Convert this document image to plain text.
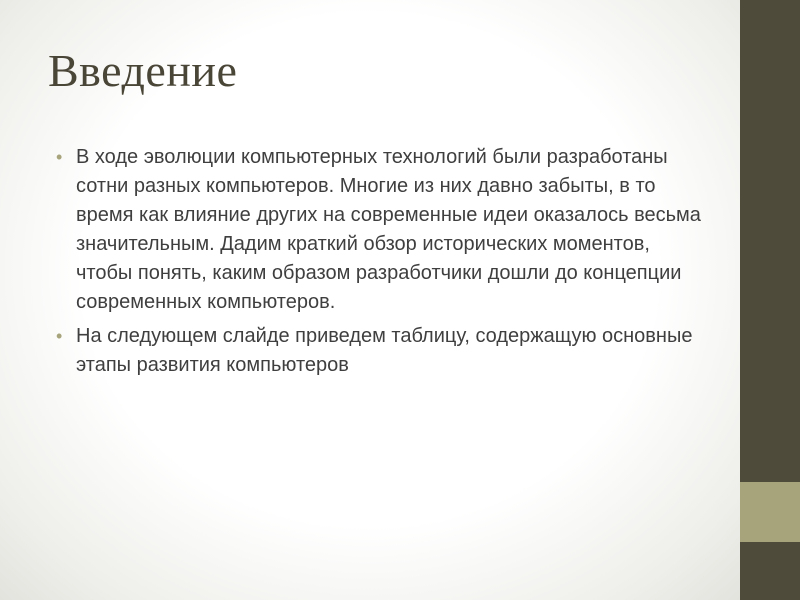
Введение
• В ходе эволюции компьютерных технологий были разработаны сотни разных компьютеров. Многие из них давно забыты, в то время как влияние других на современные идеи оказалось весьма значительным. Дадим краткий обзор исторических моментов, чтобы понять, каким образом разработчики дошли до концепции современных компьютеров.
• На следующем слайде приведем таблицу, содержащую основные этапы развития компьютеров
